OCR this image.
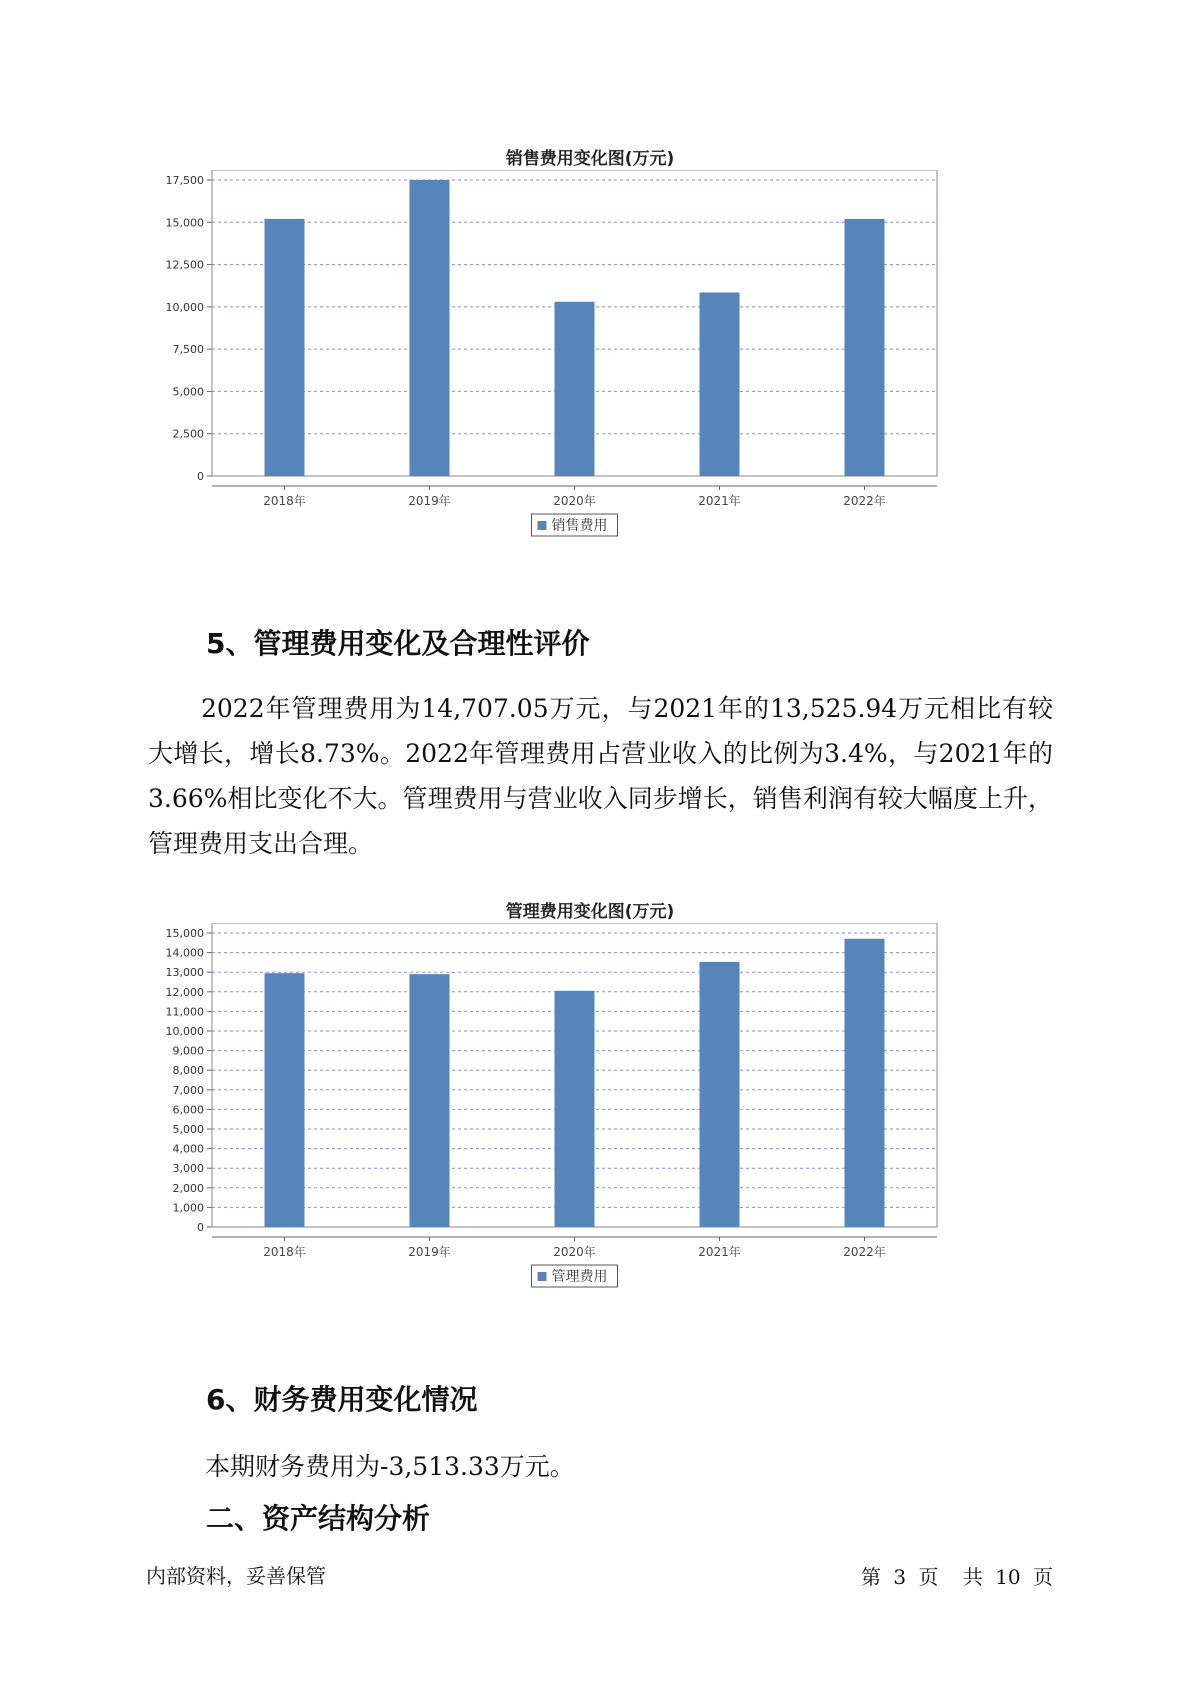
销售费用变化图(万元)
0
2,500
5,000
7,500
10,000
12,500
15,000
17,500
2018年	2019年	2020年	2021年	2022年
销售费用
5、管理费用变化及合理性评价
2022年管理费用为14,707.05万元，与2021年的13,525.94万元相比有较大增长，增长8.73%。2022年管理费用占营业收入的比例为3.4%，与2021年的3.66%相比变化不大。管理费用与营业收入同步增长，销售利润有较大幅度上升，管理费用支出合理。
管理费用变化图(万元)
0
1,000
2,000
3,000
4,000
5,000
6,000
7,000
8,000
9,000
10,000
11,000
12,000
13,000
14,000
15,000
2018年	2019年	2020年	2021年	2022年
管理费用
6、财务费用变化情况
本期财务费用为-3,513.33万元。
二、资产结构分析
内部资料，妥善保管	第 3 页 共 10 页
